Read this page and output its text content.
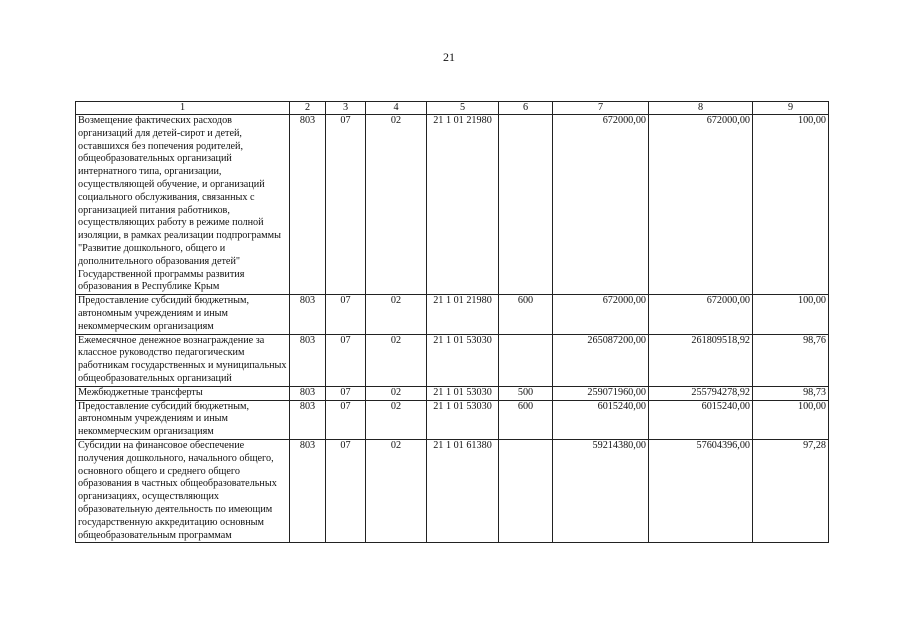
21
1	2	3	4	5	6	7	8	9
Возмещение фактических расходов организаций для детей-сирот и детей, оставшихся без попечения родителей, общеобразовательных организаций интернатного типа, организации, осуществляющей обучение, и организаций социального обслуживания, связанных с организацией питания работников, осуществляющих работу в режиме полной изоляции, в рамках реализации подпрограммы "Развитие дошкольного, общего и дополнительного образования детей" Государственной программы развития образования в Республике Крым	803	07	02	21 1 01 21980		672000,00	672000,00	100,00
Предоставление субсидий бюджетным, автономным учреждениям и иным некоммерческим организациям	803	07	02	21 1 01 21980	600	672000,00	672000,00	100,00
Ежемесячное денежное вознаграждение за классное руководство педагогическим работникам государственных и муниципальных общеобразовательных организаций	803	07	02	21 1 01 53030		265087200,00	261809518,92	98,76
Межбюджетные трансферты	803	07	02	21 1 01 53030	500	259071960,00	255794278,92	98,73
Предоставление субсидий бюджетным, автономным учреждениям и иным некоммерческим организациям	803	07	02	21 1 01 53030	600	6015240,00	6015240,00	100,00
Субсидии на финансовое обеспечение получения дошкольного, начального общего, основного общего и среднего общего образования в частных общеобразовательных организациях, осуществляющих образовательную деятельность по имеющим государственную аккредитацию основным общеобразовательным программам	803	07	02	21 1 01 61380		59214380,00	57604396,00	97,28
